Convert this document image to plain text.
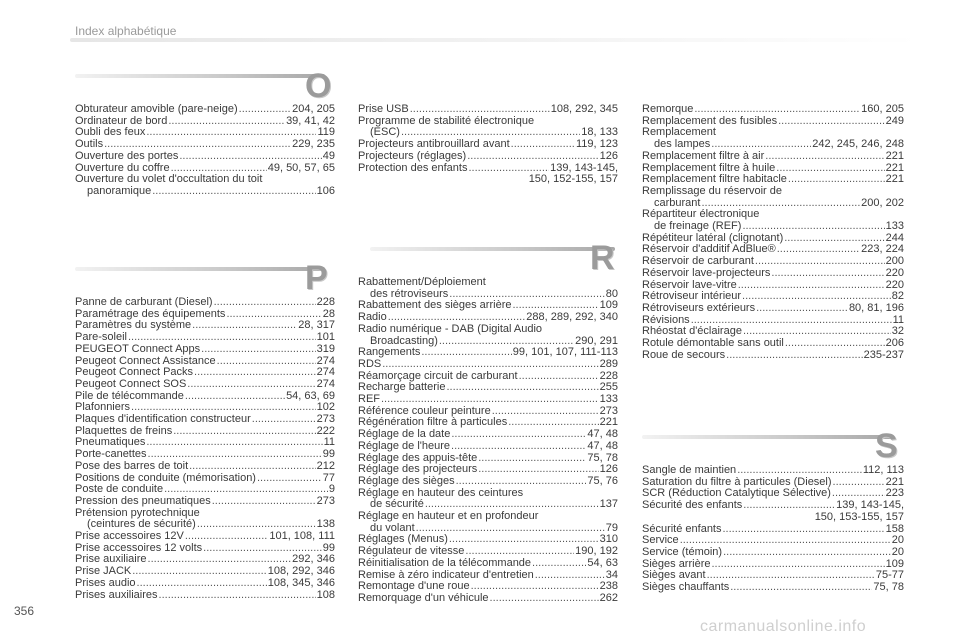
Index alphabétique
O
Obturateur amovible (pare-neige) .....	204, 205
Ordinateur de bord .....	39, 41, 42
Oubli des feux .....	119
Outils .....	229, 235
Ouverture des portes .....	49
Ouverture du coffre .....	49, 50, 57, 65
Ouverture du volet d'occultation du toit
panoramique .....	106
P
Panne de carburant (Diesel) .....	228
Paramétrage des équipements .....	28
Paramètres du système .....	28, 317
Pare-soleil .....	101
PEUGEOT Connect Apps .....	319
Peugeot Connect Assistance .....	274
Peugeot Connect Packs .....	274
Peugeot Connect SOS .....	274
Pile de télécommande .....	54, 63, 69
Plafonniers .....	102
Plaques d'identification constructeur .....	273
Plaquettes de freins .....	222
Pneumatiques .....	11
Porte-canettes .....	99
Pose des barres de toit .....	212
Positions de conduite (mémorisation) .....	77
Poste de conduite .....	9
Pression des pneumatiques .....	273
Prétension pyrotechnique
(ceintures de sécurité) .....	138
Prise accessoires 12V .....	101, 108, 111
Prise accessoires 12 volts .....	99
Prise auxiliaire .....	292, 346
Prise JACK .....	108, 292, 346
Prises audio .....	108, 345, 346
Prises auxiliaires .....	108
Prise USB .....	108, 292, 345
Programme de stabilité électronique
(ESC) .....	18, 133
Projecteurs antibrouillard avant .....	119, 123
Projecteurs (réglages) .....	126
Protection des enfants .....	139, 143-145,
150, 152-155, 157
R
Rabattement/Déploiement
des rétroviseurs .....	80
Rabattement des sièges arrière .....	109
Radio .....	288, 289, 292, 340
Radio numérique - DAB (Digital Audio
Broadcasting) .....	290, 291
Rangements .....	99, 101, 107, 111-113
RDS .....	289
Réamorçage circuit de carburant .....	228
Recharge batterie .....	255
REF .....	133
Référence couleur peinture .....	273
Régénération filtre à particules .....	221
Réglage de la date .....	47, 48
Réglage de l'heure .....	47, 48
Réglage des appuis-tête .....	75, 78
Réglage des projecteurs .....	126
Réglage des sièges .....	75, 76
Réglage en hauteur des ceintures
de sécurité .....	137
Réglage en hauteur et en profondeur
du volant .....	79
Réglages (Menus) .....	310
Régulateur de vitesse .....	190, 192
Réinitialisation de la télécommande .....	54, 63
Remise à zéro indicateur d'entretien .....	34
Remontage d'une roue .....	238
Remorquage d'un véhicule .....	262
Remorque .....	160, 205
Remplacement des fusibles .....	249
Remplacement
des lampes .....	242, 245, 246, 248
Remplacement filtre à air .....	221
Remplacement filtre à huile .....	221
Remplacement filtre habitacle .....	221
Remplissage du réservoir de
carburant .....	200, 202
Répartiteur électronique
de freinage (REF) .....	133
Répétiteur latéral (clignotant) .....	244
Réservoir d'additif AdBlue® .....	223, 224
Réservoir de carburant .....	200
Réservoir lave-projecteurs .....	220
Réservoir lave-vitre .....	220
Rétroviseur intérieur .....	82
Rétroviseurs extérieurs .....	80, 81, 196
Révisions .....	11
Rhéostat d'éclairage .....	32
Rotule démontable sans outil .....	206
Roue de secours .....	235-237
S
Sangle de maintien .....	112, 113
Saturation du filtre à particules (Diesel) .....	221
SCR (Réduction Catalytique Sélective) .....	223
Sécurité des enfants .....	139, 143-145,
150, 153-155, 157
Sécurité enfants .....	158
Service .....	20
Service (témoin) .....	20
Sièges arrière .....	109
Sièges avant .....	75-77
Sièges chauffants .....	75, 78
356
carmanualsonline.info
